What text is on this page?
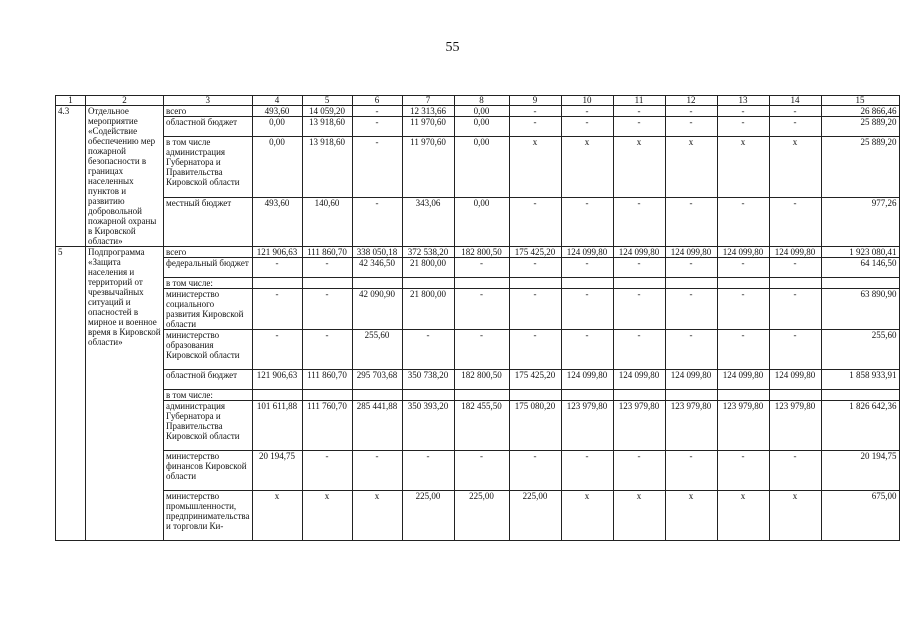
55
1	2	3	4	5	6	7	8	9	10	11	12	13	14	15
4.3	Отдельное мероприятие «Содействие обеспечению мер пожарной безопасности в границах населенных пунктов и развитию добровольной пожарной охраны в Кировской области»	всего	493,60	14 059,20	-	12 313,66	0,00	-	-	-	-	-	-	26 866,46
		областной бюджет	0,00	13 918,60	-	11 970,60	0,00	-	-	-	-	-	-	25 889,20
		в том числе администрация Губернатора и Правительства Кировской области	0,00	13 918,60	-	11 970,60	0,00	x	x	x	x	x	x	25 889,20
		местный бюджет	493,60	140,60	-	343,06	0,00	-	-	-	-	-	-	977,26
5	Подпрограмма «Защита населения и территорий от чрезвычайных ситуаций и опасностей в мирное и военное время в Кировской области»	всего	121 906,63	111 860,70	338 050,18	372 538,20	182 800,50	175 425,20	124 099,80	124 099,80	124 099,80	124 099,80	124 099,80	1 923 080,41
		федеральный бюджет	-	-	42 346,50	21 800,00	-	-	-	-	-	-	-	64 146,50
		в том числе:												
		министерство социального развития Кировской области	-	-	42 090,90	21 800,00	-	-	-	-	-	-	-	63 890,90
		министерство образования Кировской области	-	-	255,60	-	-	-	-	-	-	-	-	255,60
		областной бюджет	121 906,63	111 860,70	295 703,68	350 738,20	182 800,50	175 425,20	124 099,80	124 099,80	124 099,80	124 099,80	124 099,80	1 858 933,91
		в том числе:												
		администрация Губернатора и Правительства Кировской области	101 611,88	111 760,70	285 441,88	350 393,20	182 455,50	175 080,20	123 979,80	123 979,80	123 979,80	123 979,80	123 979,80	1 826 642,36
		министерство финансов Кировской области	20 194,75	-	-	-	-	-	-	-	-	-	-	20 194,75
		министерство промышленности, предпринимательства и торговли Ки-	x	x	x	225,00	225,00	225,00	x	x	x	x	x	675,00
